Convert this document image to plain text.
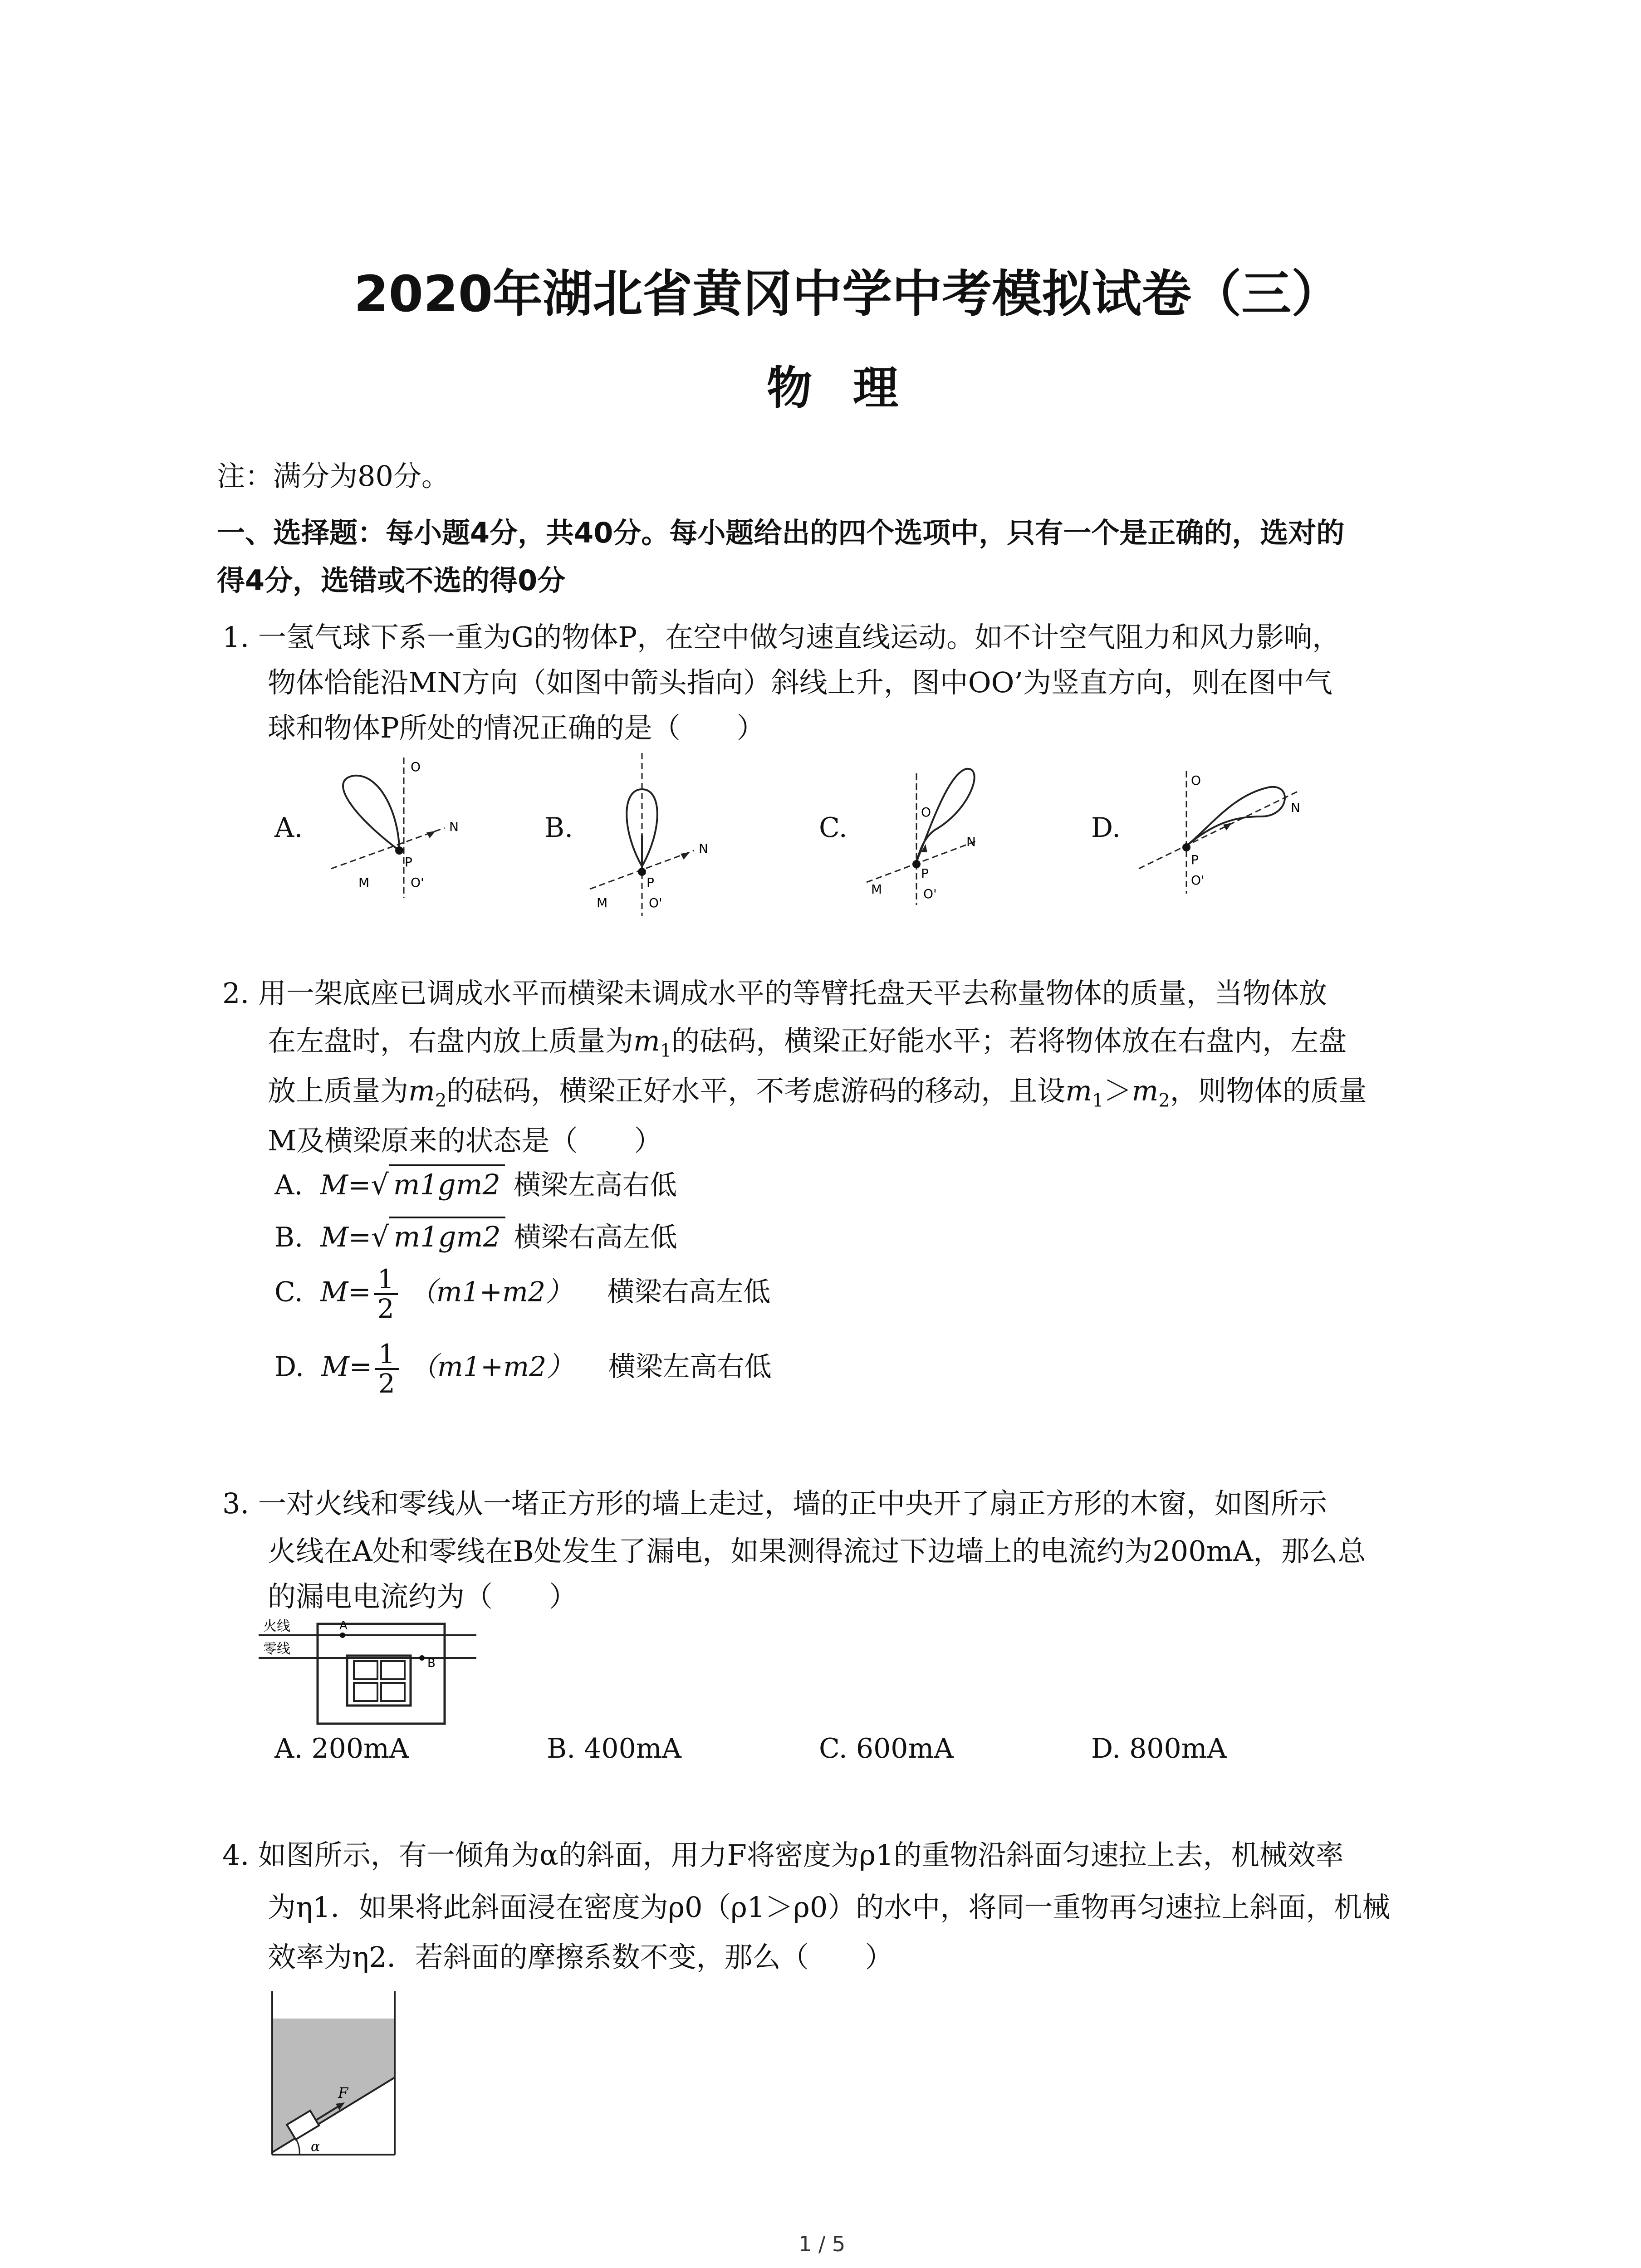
2020年湖北省黄冈中学中考模拟试卷（三）
物理
注：满分为80分。
一、选择题：每小题4分，共40分。每小题给出的四个选项中，只有一个是正确的，选对的
得4分，选错或不选的得0分
1. 一氢气球下系一重为G的物体P，在空中做匀速直线运动。如不计空气阻力和风力影响，
物体恰能沿MN方向（如图中箭头指向）斜线上升，图中OO’为竖直方向，则在图中气
球和物体P所处的情况正确的是（　　）
A.	B.	C.	D.
O
P
O'
N
M	P
O'
N
M
O
P
O'
N
M
O
P
O'
N
2. 用一架底座已调成水平而横梁未调成水平的等臂托盘天平去称量物体的质量，当物体放
在左盘时，右盘内放上质量为$m_1$的砝码，横梁正好能水平；若将物体放在右盘内，左盘
放上质量为$m_2$的砝码，横梁正好水平，不考虑游码的移动，且设$m_1>m_2$，则物体的质量
M及横梁原来的状态是（　　）
A. M=√ m1gm2 横梁左高右低
B. M=√ m1gm2 横梁右高左低
C. $M= \frac{1}{2} (m1+m2)$ 横梁右高左低
D. $M= \frac{1}{2} (m1+m2)$ 横梁左高右低
3. 一对火线和零线从一堵正方形的墙上走过，墙的正中央开了扇正方形的木窗，如图所示
火线在A处和零线在B处发生了漏电，如果测得流过下边墙上的电流约为200mA，那么总
的漏电电流约为（　　）
火线
零线
A
B
A. 200mA	B. 400mA	C. 600mA	D. 800mA
4. 如图所示，有一倾角为α的斜面，用力F将密度为ρ1的重物沿斜面匀速拉上去，机械效率
为η1．如果将此斜面浸在密度为ρ0（ρ1＞ρ0）的水中，将同一重物再匀速拉上斜面，机械
效率为η2．若斜面的摩擦系数不变，那么（　　）
F
α
1 / 5
